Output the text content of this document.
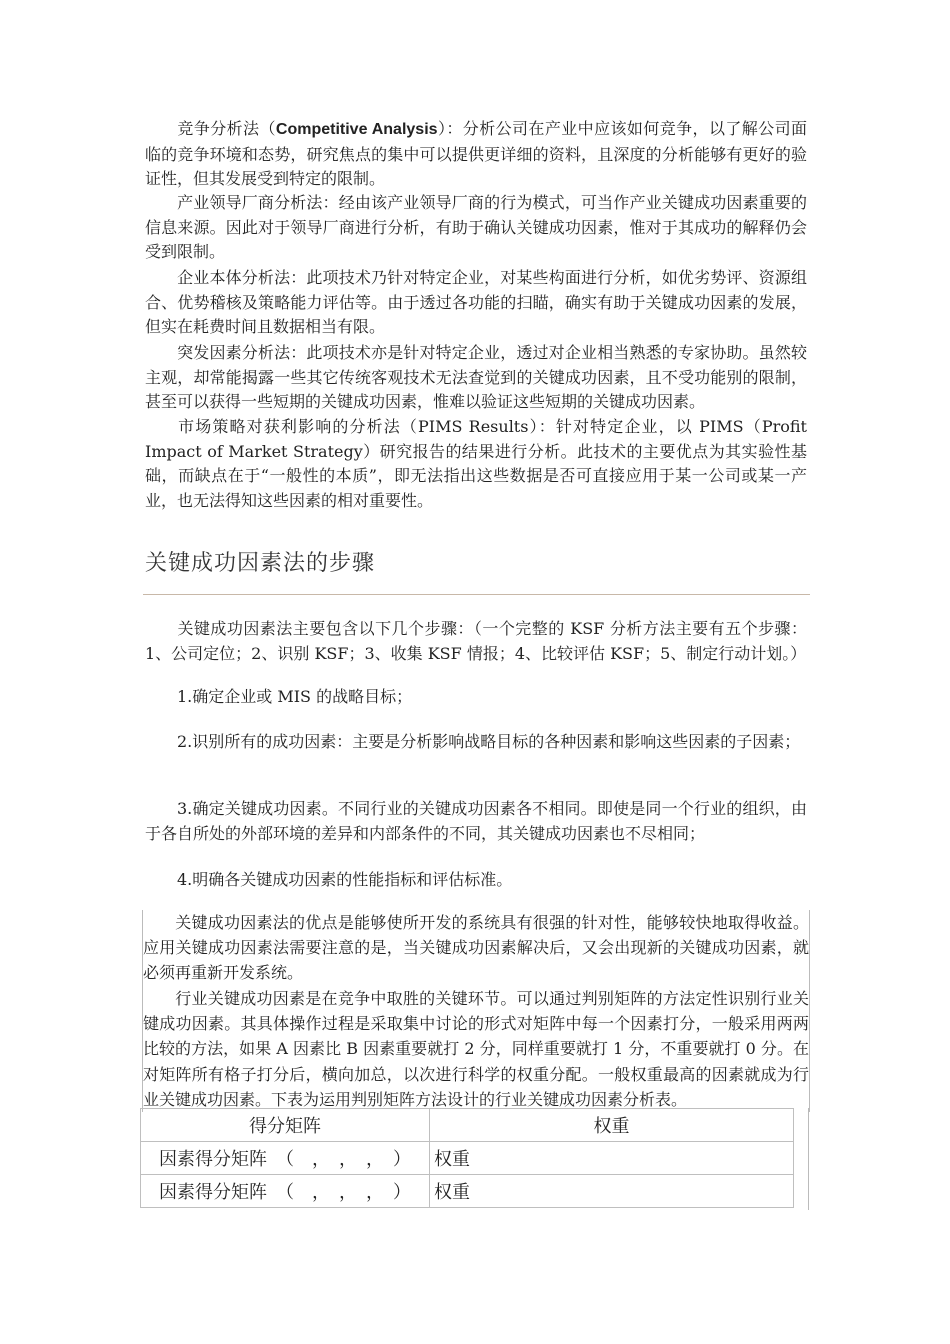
竞争分析法（Competitive Analysis）：分析公司在产业中应该如何竞争，以了解公司面临的竞争环境和态势，研究焦点的集中可以提供更详细的资料，且深度的分析能够有更好的验证性，但其发展受到特定的限制。
产业领导厂商分析法：经由该产业领导厂商的行为模式，可当作产业关键成功因素重要的信息来源。因此对于领导厂商进行分析，有助于确认关键成功因素，惟对于其成功的解释仍会受到限制。
企业本体分析法：此项技术乃针对特定企业，对某些构面进行分析，如优劣势评、资源组合、优势稽核及策略能力评估等。由于透过各功能的扫瞄，确实有助于关键成功因素的发展，但实在耗费时间且数据相当有限。
突发因素分析法：此项技术亦是针对特定企业，透过对企业相当熟悉的专家协助。虽然较主观，却常能揭露一些其它传统客观技术无法查觉到的关键成功因素，且不受功能别的限制，甚至可以获得一些短期的关键成功因素，惟难以验证这些短期的关键成功因素。
市场策略对获利影响的分析法（PIMS Results）：针对特定企业，以 PIMS（Profit Impact of Market Strategy）研究报告的结果进行分析。此技术的主要优点为其实验性基础，而缺点在于“一般性的本质”，即无法指出这些数据是否可直接应用于某一公司或某一产业，也无法得知这些因素的相对重要性。
关键成功因素法的步骤
关键成功因素法主要包含以下几个步骤：（一个完整的 KSF 分析方法主要有五个步骤：1、公司定位；2、识别 KSF；3、收集 KSF 情报；4、比较评估 KSF；5、制定行动计划。）
1.确定企业或 MIS 的战略目标；
2.识别所有的成功因素：主要是分析影响战略目标的各种因素和影响这些因素的子因素；
3.确定关键成功因素。不同行业的关键成功因素各不相同。即使是同一个行业的组织，由于各自所处的外部环境的差异和内部条件的不同，其关键成功因素也不尽相同；
4.明确各关键成功因素的性能指标和评估标准。
关键成功因素法的优点是能够使所开发的系统具有很强的针对性，能够较快地取得收益。应用关键成功因素法需要注意的是，当关键成功因素解决后，又会出现新的关键成功因素，就必须再重新开发系统。
行业关键成功因素是在竞争中取胜的关键环节。可以通过判别矩阵的方法定性识别行业关键成功因素。其具体操作过程是采取集中讨论的形式对矩阵中每一个因素打分，一般采用两两比较的方法，如果 A 因素比 B 因素重要就打 2 分，同样重要就打 1 分，不重要就打 0 分。在对矩阵所有格子打分后，横向加总，以次进行科学的权重分配。一般权重最高的因素就成为行业关键成功因素。下表为运用判别矩阵方法设计的行业关键成功因素分析表。
得分矩阵	权重
因素得分矩阵　（　，　，　，　）	权重
因素得分矩阵　（　，　，　，　）	权重
